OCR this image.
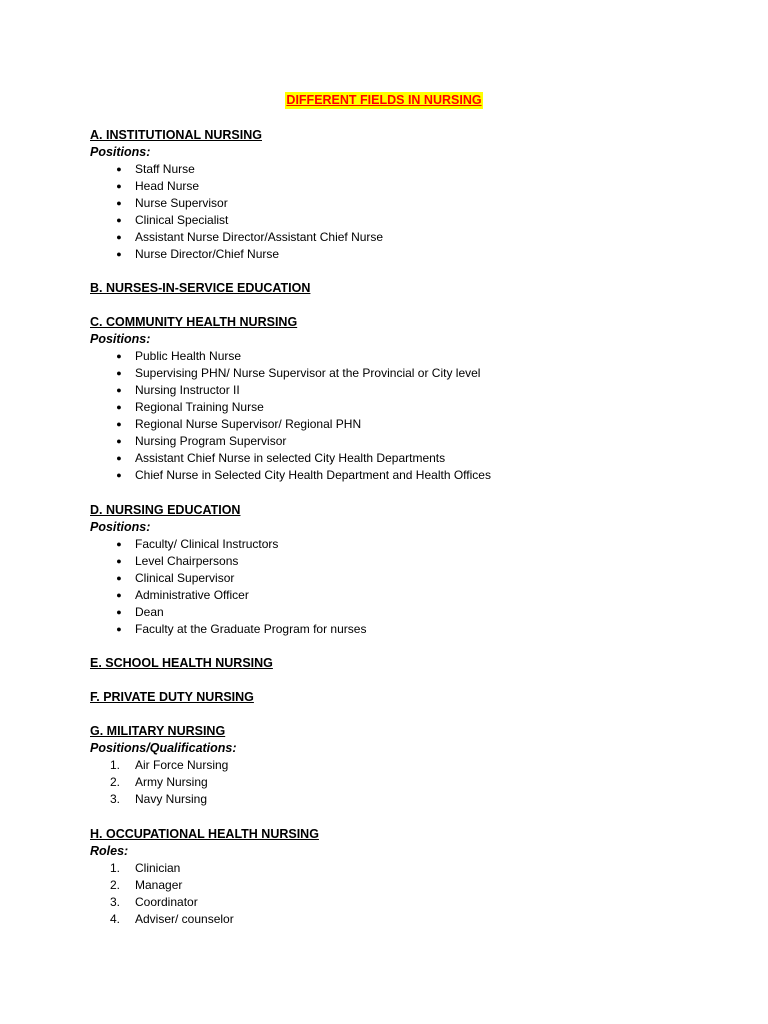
DIFFERENT FIELDS IN NURSING
A. INSTITUTIONAL NURSING
Positions:
●	Staff Nurse
●	Head Nurse
●	Nurse Supervisor
●	Clinical Specialist
●	Assistant Nurse Director/Assistant Chief Nurse
●	Nurse Director/Chief Nurse
B. NURSES-IN-SERVICE EDUCATION
C. COMMUNITY HEALTH NURSING
Positions:
●	Public Health Nurse
●	Supervising PHN/ Nurse Supervisor at the Provincial or City level
●	Nursing Instructor II
●	Regional Training Nurse
●	Regional Nurse Supervisor/ Regional PHN
●	Nursing Program Supervisor
●	Assistant Chief Nurse in selected City Health Departments
●	Chief Nurse in Selected City Health Department and Health Offices
D. NURSING EDUCATION
Positions:
●	Faculty/ Clinical Instructors
●	Level Chairpersons
●	Clinical Supervisor
●	Administrative Officer
●	Dean
●	Faculty at the Graduate Program for nurses
E. SCHOOL HEALTH NURSING
F. PRIVATE DUTY NURSING
G. MILITARY NURSING
Positions/Qualifications:
1.	Air Force Nursing
2.	Army Nursing
3.	Navy Nursing
H. OCCUPATIONAL HEALTH NURSING
Roles:
1.	Clinician
2.	Manager
3.	Coordinator
4.	Adviser/ counselor
